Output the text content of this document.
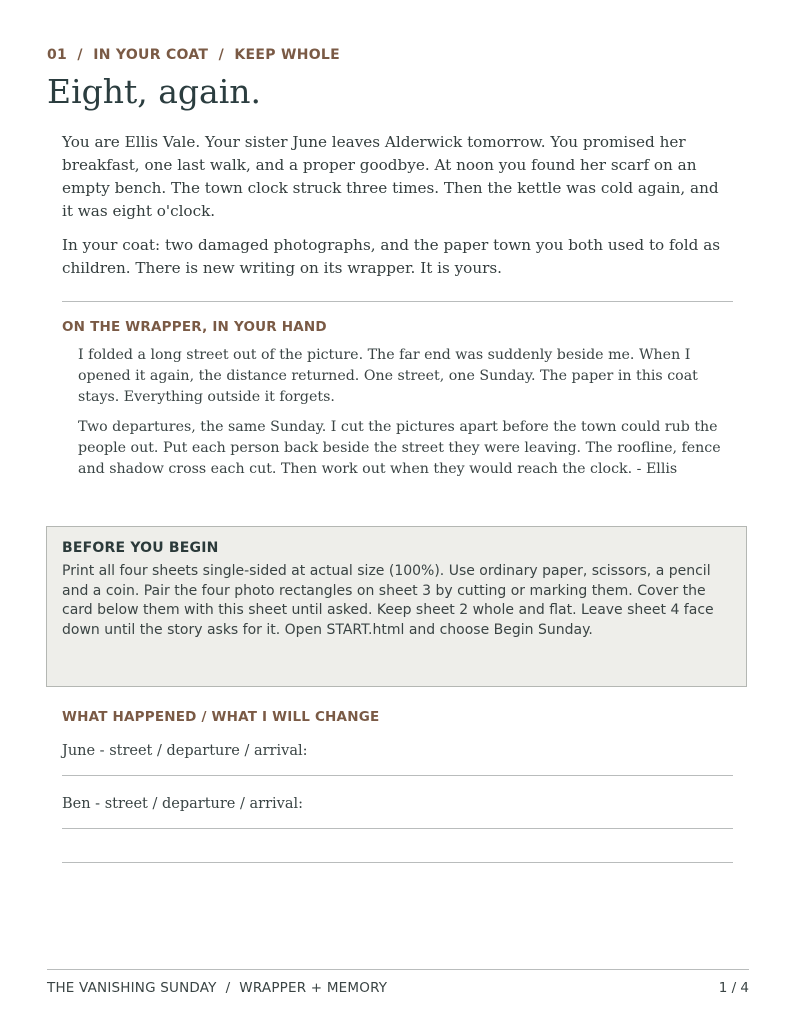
01  /  IN YOUR COAT  /  KEEP WHOLE
Eight, again.

You are Ellis Vale. Your sister June leaves Alderwick tomorrow. You promised her breakfast, one last walk, and a proper goodbye. At noon you found her scarf on an empty bench. The town clock struck three times. Then the kettle was cold again, and it was eight o'clock.

In your coat: two damaged photographs, and the paper town you both used to fold as children. There is new writing on its wrapper. It is yours.

ON THE WRAPPER, IN YOUR HAND

I folded a long street out of the picture. The far end was suddenly beside me. When I opened it again, the distance returned. One street, one Sunday. The paper in this coat stays. Everything outside it forgets.

Two departures, the same Sunday. I cut the pictures apart before the town could rub the people out. Put each person back beside the street they were leaving. The roofline, fence and shadow cross each cut. Then work out when they would reach the clock. - Ellis

BEFORE YOU BEGIN

Print all four sheets single-sided at actual size (100%). Use ordinary paper, scissors, a pencil and a coin. Pair the four photo rectangles on sheet 3 by cutting or marking them. Cover the card below them with this sheet until asked. Keep sheet 2 whole and flat. Leave sheet 4 face down until the story asks for it. Open START.html and choose Begin Sunday.

WHAT HAPPENED / WHAT I WILL CHANGE
June - street / departure / arrival:
Ben - street / departure / arrival:
THE VANISHING SUNDAY  /  WRAPPER + MEMORY	1 / 4
